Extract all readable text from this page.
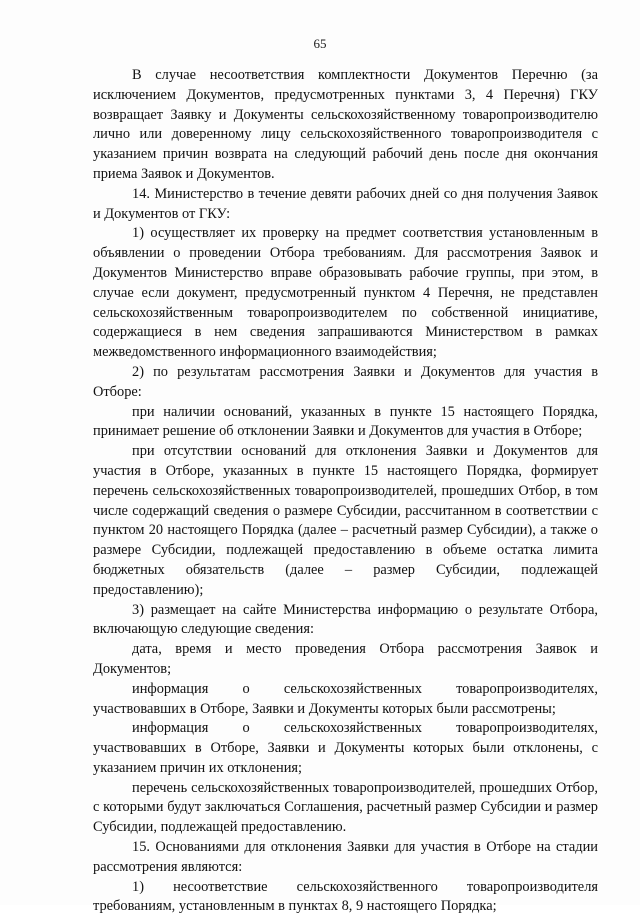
65

В случае несоответствия комплектности Документов Перечню (за исключением Документов, предусмотренных пунктами 3, 4 Перечня) ГКУ возвращает Заявку и Документы сельскохозяйственному товаропроизводителю лично или доверенному лицу сельскохозяйственного товаропроизводителя с указанием причин возврата на следующий рабочий день после дня окончания приема Заявок и Документов.

14. Министерство в течение девяти рабочих дней со дня получения Заявок и Документов от ГКУ:

1) осуществляет их проверку на предмет соответствия установленным в объявлении о проведении Отбора требованиям. Для рассмотрения Заявок и Документов Министерство вправе образовывать рабочие группы, при этом, в случае если документ, предусмотренный пунктом 4 Перечня, не представлен сельскохозяйственным товаропроизводителем по собственной инициативе, содержащиеся в нем сведения запрашиваются Министерством в рамках межведомственного информационного взаимодействия;

2) по результатам рассмотрения Заявки и Документов для участия в Отборе:

при наличии оснований, указанных в пункте 15 настоящего Порядка, принимает решение об отклонении Заявки и Документов для участия в Отборе;

при отсутствии оснований для отклонения Заявки и Документов для участия в Отборе, указанных в пункте 15 настоящего Порядка, формирует перечень сельскохозяйственных товаропроизводителей, прошедших Отбор, в том числе содержащий сведения о размере Субсидии, рассчитанном в соответствии с пунктом 20 настоящего Порядка (далее – расчетный размер Субсидии), а также о размере Субсидии, подлежащей предоставлению в объеме остатка лимита бюджетных обязательств (далее – размер Субсидии, подлежащей предоставлению);

3) размещает на сайте Министерства информацию о результате Отбора, включающую следующие сведения:

дата, время и место проведения Отбора рассмотрения Заявок и Документов;

информация о сельскохозяйственных товаропроизводителях, участвовавших в Отборе, Заявки и Документы которых были рассмотрены;

информация о сельскохозяйственных товаропроизводителях, участвовавших в Отборе, Заявки и Документы которых были отклонены, с указанием причин их отклонения;

перечень сельскохозяйственных товаропроизводителей, прошедших Отбор, с которыми будут заключаться Соглашения, расчетный размер Субсидии и размер Субсидии, подлежащей предоставлению.

15. Основаниями для отклонения Заявки для участия в Отборе на стадии рассмотрения являются:

1) несоответствие сельскохозяйственного товаропроизводителя требованиям, установленным в пунктах 8, 9 настоящего Порядка;
